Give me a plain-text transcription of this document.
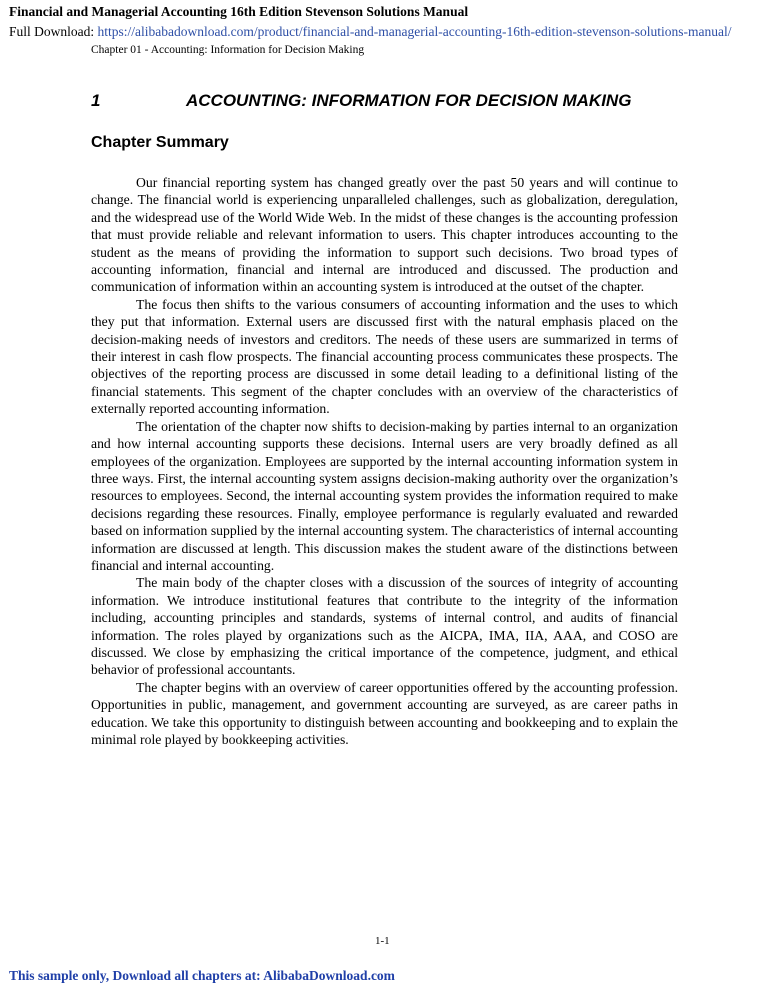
Financial and Managerial Accounting 16th Edition Stevenson Solutions Manual
Full Download: https://alibabadownload.com/product/financial-and-managerial-accounting-16th-edition-stevenson-solutions-manual/
Chapter 01 - Accounting: Information for Decision Making
1	ACCOUNTING: INFORMATION FOR DECISION MAKING
Chapter Summary

Our financial reporting system has changed greatly over the past 50 years and will continue to change. The financial world is experiencing unparalleled challenges, such as globalization, deregulation, and the widespread use of the World Wide Web. In the midst of these changes is the accounting profession that must provide reliable and relevant information to users. This chapter introduces accounting to the student as the means of providing the information to support such decisions. Two broad types of accounting information, financial and internal are introduced and discussed. The production and communication of information within an accounting system is introduced at the outset of the chapter.

The focus then shifts to the various consumers of accounting information and the uses to which they put that information. External users are discussed first with the natural emphasis placed on the decision-making needs of investors and creditors. The needs of these users are summarized in terms of their interest in cash flow prospects. The financial accounting process communicates these prospects. The objectives of the reporting process are discussed in some detail leading to a definitional listing of the financial statements. This segment of the chapter concludes with an overview of the characteristics of externally reported accounting information.

The orientation of the chapter now shifts to decision-making by parties internal to an organization and how internal accounting supports these decisions. Internal users are very broadly defined as all employees of the organization. Employees are supported by the internal accounting information system in three ways. First, the internal accounting system assigns decision-making authority over the organization’s resources to employees. Second, the internal accounting system provides the information required to make decisions regarding these resources. Finally, employee performance is regularly evaluated and rewarded based on information supplied by the internal accounting system. The characteristics of internal accounting information are discussed at length. This discussion makes the student aware of the distinctions between financial and internal accounting.

The main body of the chapter closes with a discussion of the sources of integrity of accounting information. We introduce institutional features that contribute to the integrity of the information including, accounting principles and standards, systems of internal control, and audits of financial information. The roles played by organizations such as the AICPA, IMA, IIA, AAA, and COSO are discussed. We close by emphasizing the critical importance of the competence, judgment, and ethical behavior of professional accountants.

The chapter begins with an overview of career opportunities offered by the accounting profession. Opportunities in public, management, and government accounting are surveyed, as are career paths in education. We take this opportunity to distinguish between accounting and bookkeeping and to explain the minimal role played by bookkeeping activities.

1-1
This sample only, Download all chapters at: AlibabaDownload.com
